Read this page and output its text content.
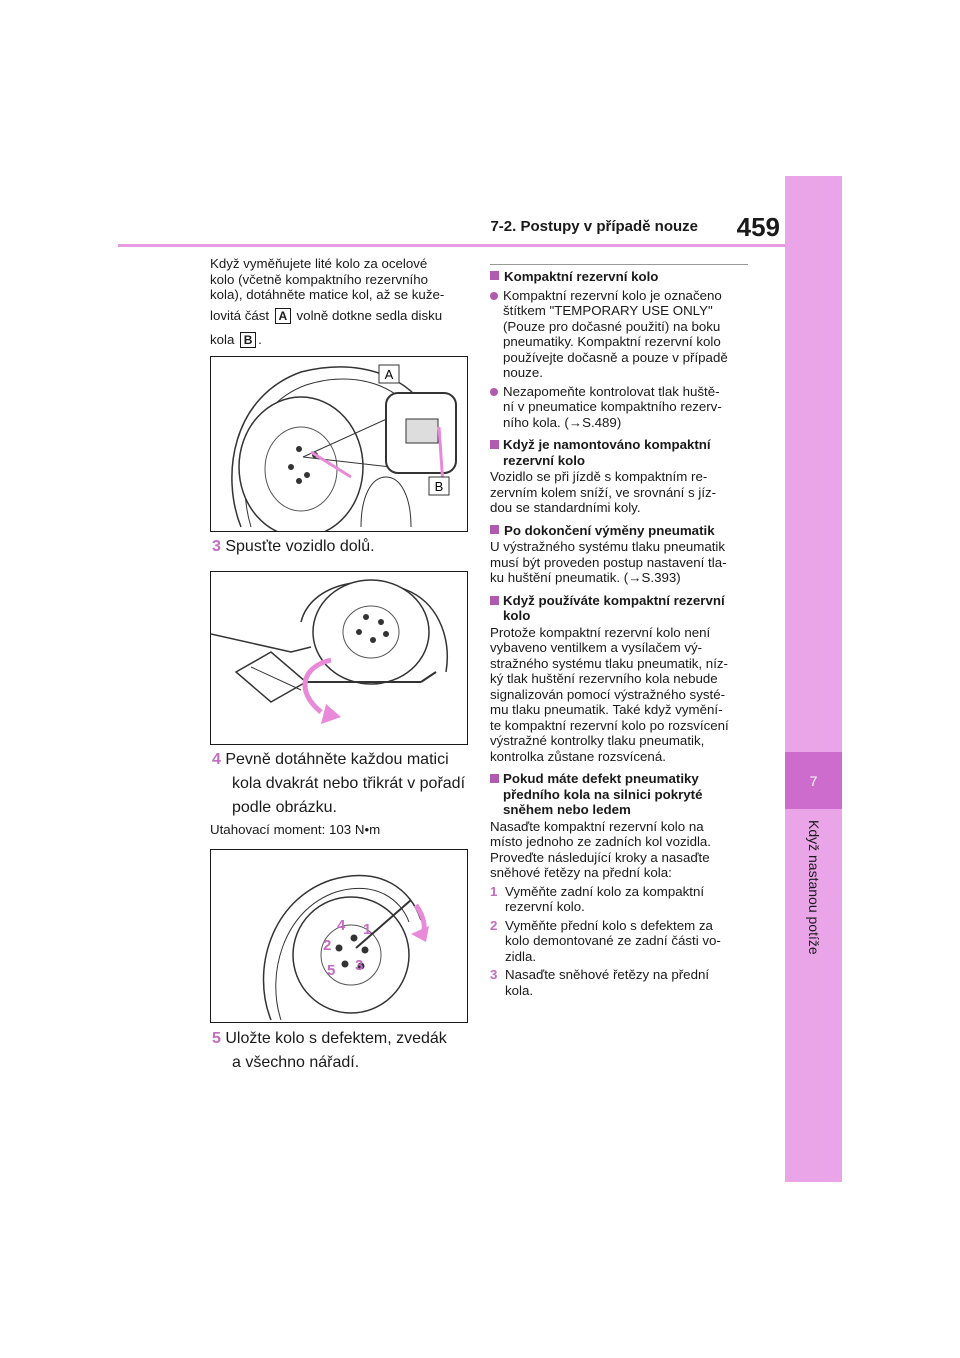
7-2. Postupy v případě nouze	459
7
Když nastanou potíže
Když vyměňujete lité kolo za ocelové
kolo (včetně kompaktního rezervního
kola), dotáhněte matice kol, až se kuže-
lovitá část A volně dotkne sedla disku
kola B .
A
B
3 Spusťte vozidlo dolů.
4 Pevně dotáhněte každou matici
kola dvakrát nebo třikrát v pořadí
podle obrázku.
Utahovací moment: 103 N•m
1
2
3
4
5
5 Uložte kolo s defektem, zvedák
a všechno nářadí.
Kompaktní rezervní kolo
Kompaktní rezervní kolo je označeno
štítkem "TEMPORARY USE ONLY"
(Pouze pro dočasné použití) na boku
pneumatiky. Kompaktní rezervní kolo
používejte dočasně a pouze v případě
nouze.
Nezapomeňte kontrolovat tlak huště-
ní v pneumatice kompaktního rezerv-
ního kola. (→S.489)
Když je namontováno kompaktní
rezervní kolo
Vozidlo se při jízdě s kompaktním re-
zervním kolem sníží, ve srovnání s jíz-
dou se standardními koly.
Po dokončení výměny pneumatik
U výstražného systému tlaku pneumatik
musí být proveden postup nastavení tla-
ku huštění pneumatik. (→S.393)
Když používáte kompaktní rezervní
kolo
Protože kompaktní rezervní kolo není
vybaveno ventilkem a vysílačem vý-
stražného systému tlaku pneumatik, níz-
ký tlak huštění rezervního kola nebude
signalizován pomocí výstražného systé-
mu tlaku pneumatik. Také když vymění-
te kompaktní rezervní kolo po rozsvícení
výstražné kontrolky tlaku pneumatik,
kontrolka zůstane rozsvícená.
Pokud máte defekt pneumatiky
předního kola na silnici pokryté
sněhem nebo ledem
Nasaďte kompaktní rezervní kolo na
místo jednoho ze zadních kol vozidla.
Proveďte následující kroky a nasaďte
sněhové řetězy na přední kola:
1 Vyměňte zadní kolo za kompaktní
rezervní kolo.
2 Vyměňte přední kolo s defektem za
kolo demontované ze zadní části vo-
zidla.
3 Nasaďte sněhové řetězy na přední
kola.
